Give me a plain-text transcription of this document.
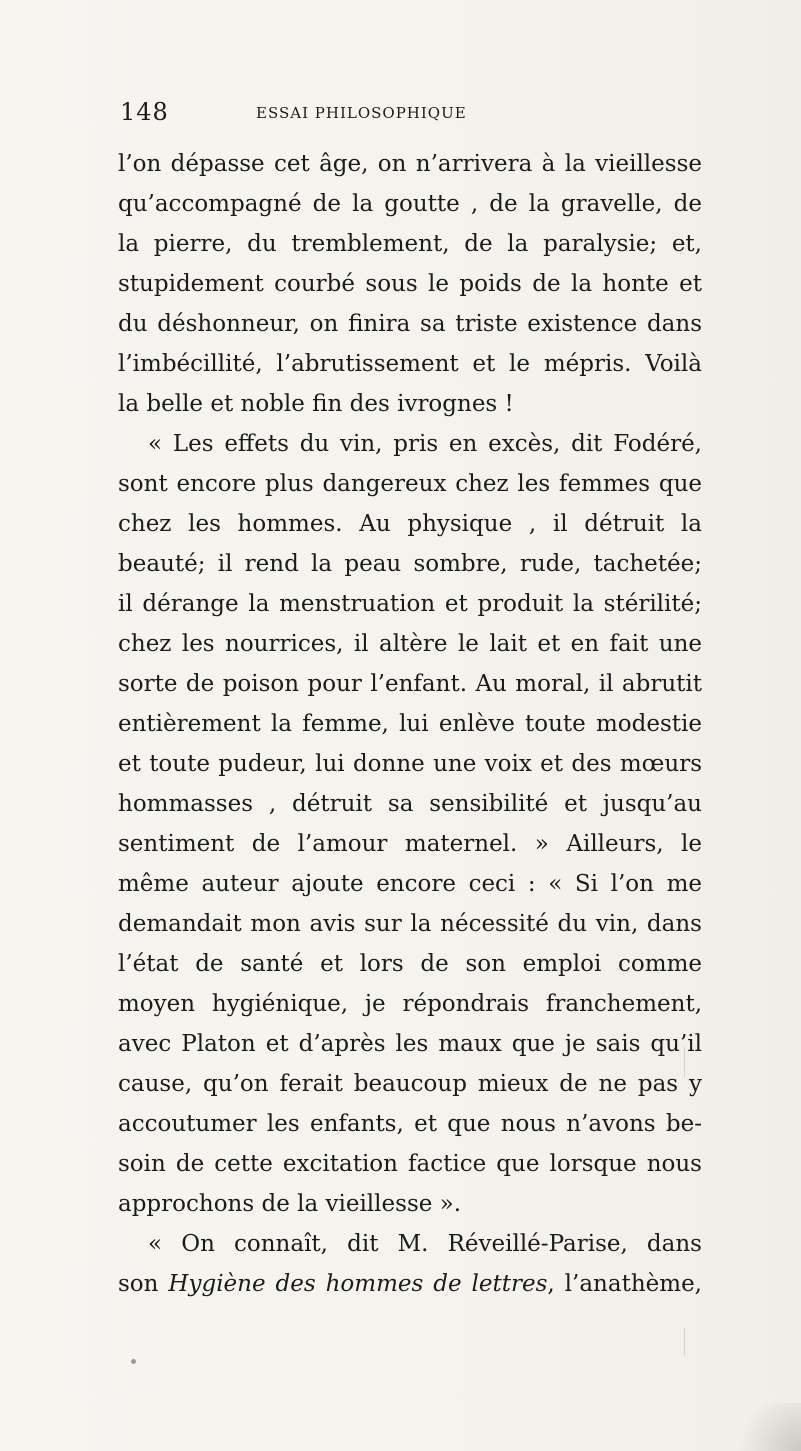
148	ESSAI PHILOSOPHIQUE
l’on dépasse cet âge, on n’arrivera à la vieillesse
qu’accompagné de la goutte , de la gravelle, de
la pierre, du tremblement, de la paralysie; et,
stupidement courbé sous le poids de la honte et
du déshonneur, on finira sa triste existence dans
l’imbécillité, l’abrutissement et le mépris. Voilà
la belle et noble fin des ivrognes !
« Les effets du vin, pris en excès, dit Fodéré,
sont encore plus dangereux chez les femmes que
chez les hommes. Au physique , il détruit la
beauté; il rend la peau sombre, rude, tachetée;
il dérange la menstruation et produit la stérilité;
chez les nourrices, il altère le lait et en fait une
sorte de poison pour l’enfant. Au moral, il abrutit
entièrement la femme, lui enlève toute modestie
et toute pudeur, lui donne une voix et des mœurs
hommasses , détruit sa sensibilité et jusqu’au
sentiment de l’amour maternel. » Ailleurs, le
même auteur ajoute encore ceci : « Si l’on me
demandait mon avis sur la nécessité du vin, dans
l’état de santé et lors de son emploi comme
moyen hygiénique, je répondrais franchement,
avec Platon et d’après les maux que je sais qu’il
cause, qu’on ferait beaucoup mieux de ne pas y
accoutumer les enfants, et que nous n’avons be-
soin de cette excitation factice que lorsque nous
approchons de la vieillesse ».
« On connaît, dit M. Réveillé-Parise, dans
son Hygiène des hommes de lettres, l’anathème,
